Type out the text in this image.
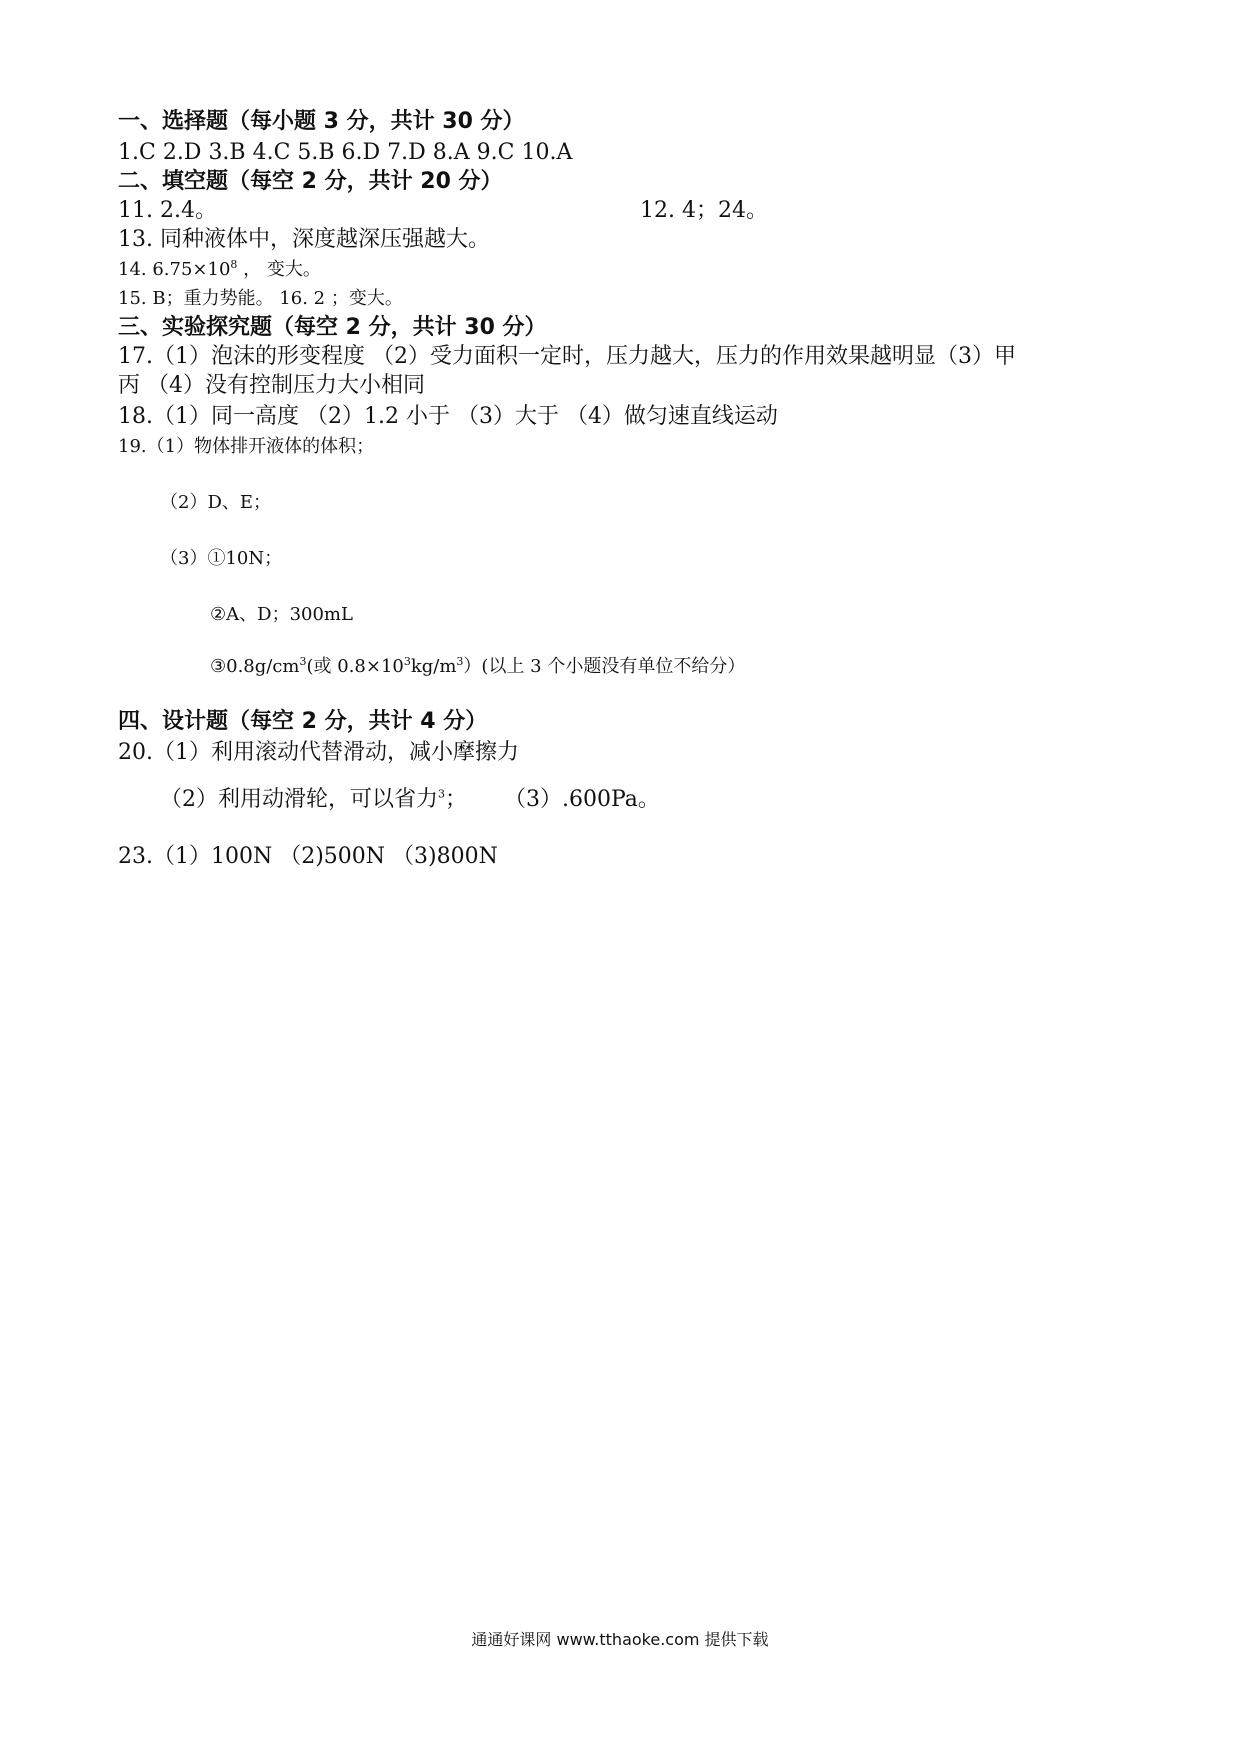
一、选择题（每小题 3 分，共计 30 分）
1.C 2.D 3.B 4.C 5.B 6.D 7.D 8.A 9.C 10.A
二、填空题（每空 2 分，共计 20 分）
11. 2.4。	12. 4；24。
13. 同种液体中，深度越深压强越大。
14. $6.75\times 10^8$ ， 变大。
15. B；重力势能。 16. 2 ；变大。
三、实验探究题（每空 2 分，共计 30 分）
17.（1）泡沫的形变程度 （2）受力面积一定时，压力越大，压力的作用效果越明显（3）甲
丙 （4）没有控制压力大小相同
18.（1）同一高度 （2）1.2 小于 （3）大于 （4）做匀速直线运动
19.（1）物体排开液体的体积；
（2）D、E；
（3）①10N；
②A、D；300mL
$③0.8g/cm^3$(或 $0.8\times 10^3kg/m^3$）(以上 3 个小题没有单位不给分）
四、设计题（每空 2 分，共计 4 分）
20.（1）利用滚动代替滑动，减小摩擦力
（2）利用动滑轮，可以省力$^3$； （3）.600Pa。
23.（1）100N （2)500N （3)800N
通通好课网 www.tthaoke.com 提供下载
